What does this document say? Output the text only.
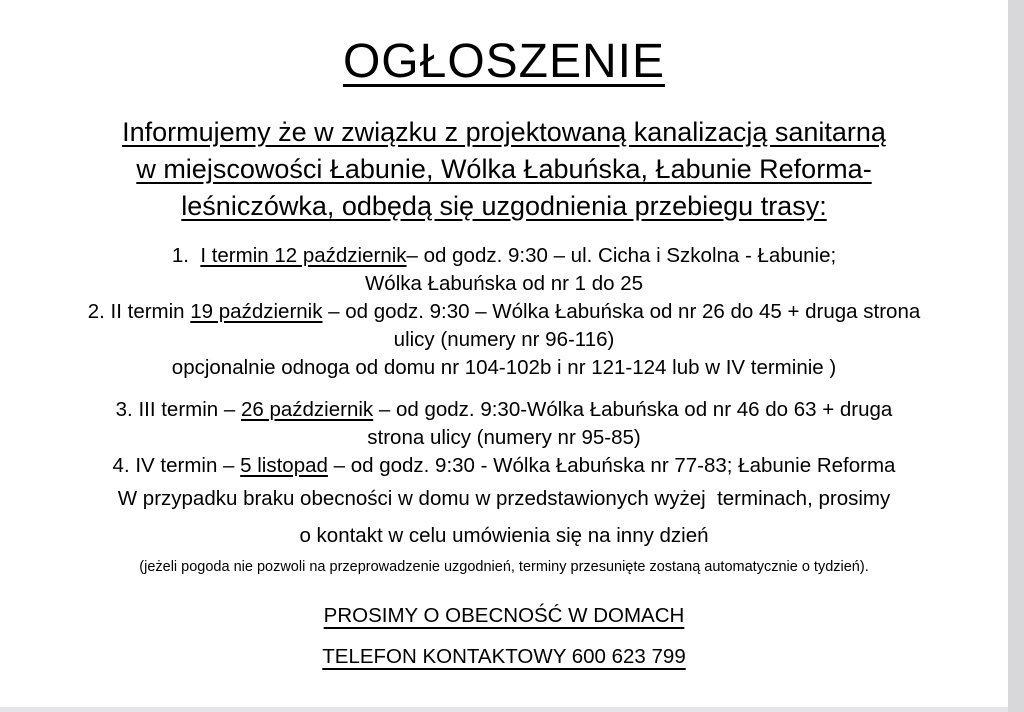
OGŁOSZENIE
Informujemy że w związku z projektowaną kanalizacją sanitarną
w miejscowości Łabunie, Wólka Łabuńska, Łabunie Reforma-
leśniczówka, odbędą się uzgodnienia przebiegu trasy:
1.  I termin 12 październik– od godz. 9:30 – ul. Cicha i Szkolna - Łabunie;
Wólka Łabuńska od nr 1 do 25
2. II termin 19 październik – od godz. 9:30 – Wólka Łabuńska od nr 26 do 45 + druga strona
ulicy (numery nr 96-116)
opcjonalnie odnoga od domu nr 104-102b i nr 121-124 lub w IV terminie )
3. III termin – 26 październik – od godz. 9:30-Wólka Łabuńska od nr 46 do 63 + druga
strona ulicy (numery nr 95-85)
4. IV termin – 5 listopad – od godz. 9:30 - Wólka Łabuńska nr 77-83; Łabunie Reforma
W przypadku braku obecności w domu w przedstawionych wyżej  terminach, prosimy
o kontakt w celu umówienia się na inny dzień
(jeżeli pogoda nie pozwoli na przeprowadzenie uzgodnień, terminy przesunięte zostaną automatycznie o tydzień).
PROSIMY O OBECNOŚĆ W DOMACH
TELEFON KONTAKTOWY 600 623 799
